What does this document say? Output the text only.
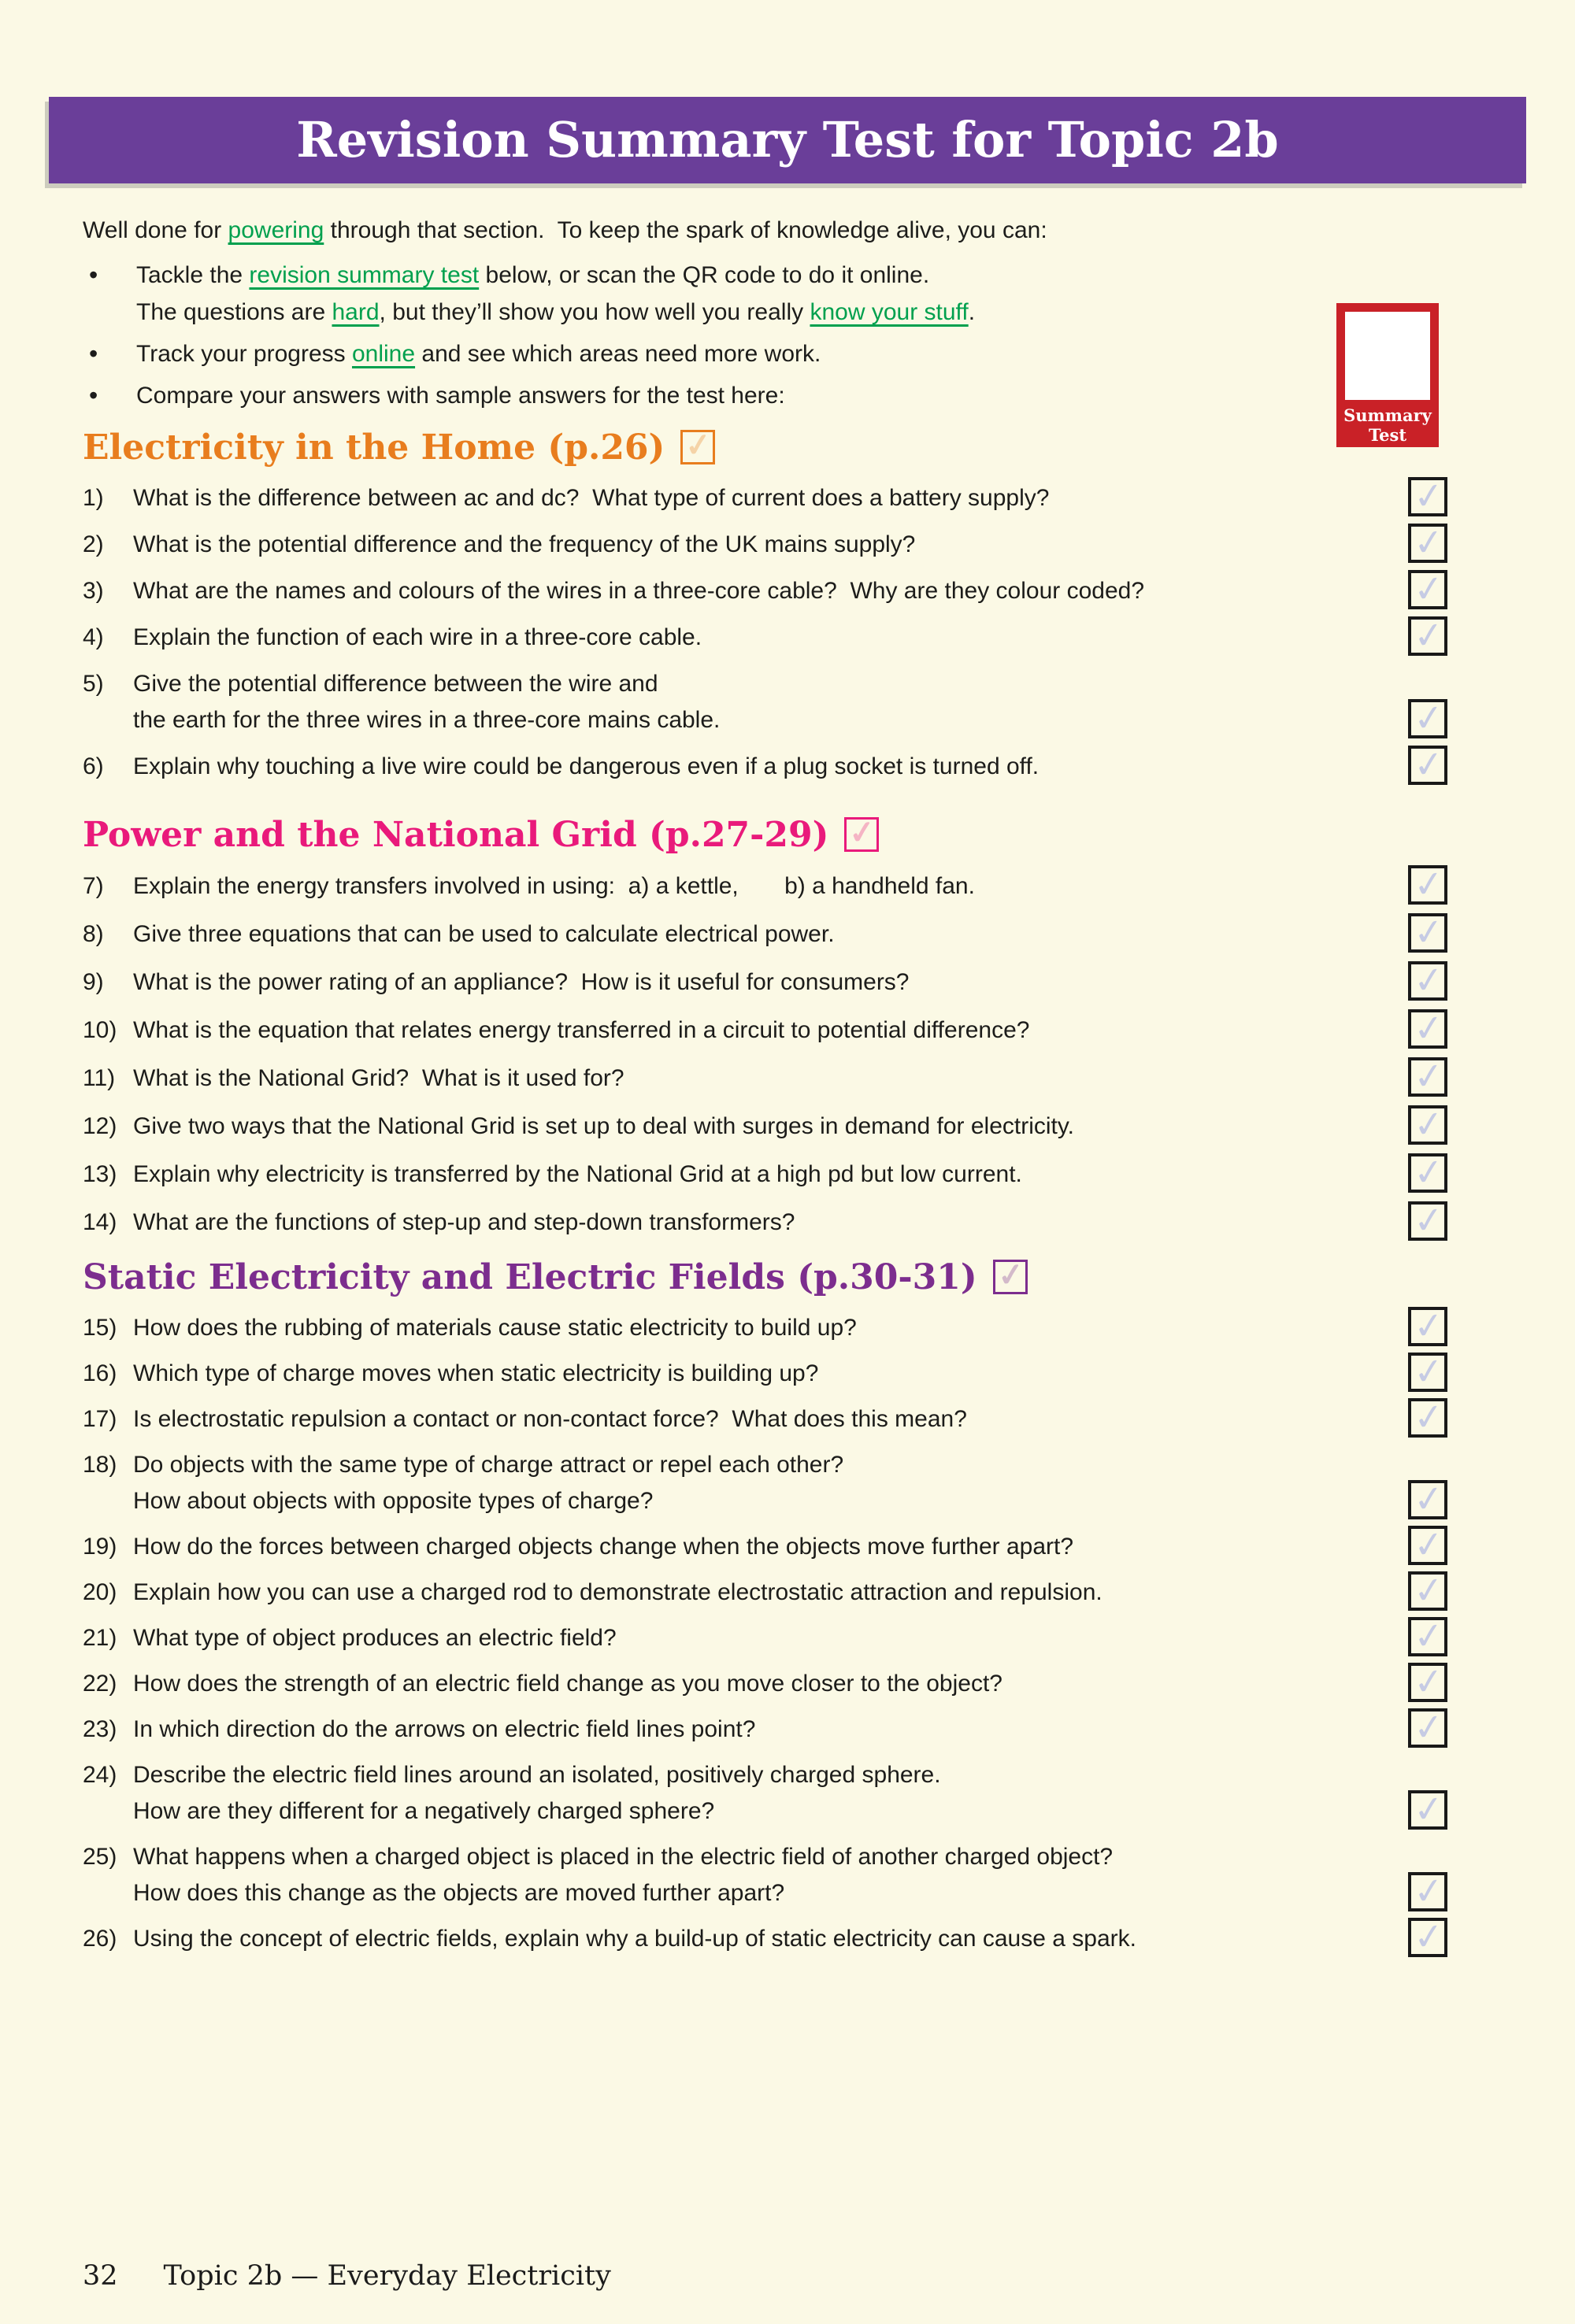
Revision Summary Test for Topic 2b
Well done for powering through that section.  To keep the spark of knowledge alive, you can:
•	Tackle the revision summary test below, or scan the QR code to do it online.
The questions are hard, but they’ll show you how well you really know your stuff.
•	Track your progress online and see which areas need more work.
•	Compare your answers with sample answers for the test here:
Summary
Test
Electricity in the Home (p.26) ✓
1)	What is the difference between ac and dc?  What type of current does a battery supply?	✓
2)	What is the potential difference and the frequency of the UK mains supply?	✓
3)	What are the names and colours of the wires in a three-core cable?  Why are they colour coded?	✓
4)	Explain the function of each wire in a three-core cable.	✓
5)	Give the potential difference between the wire and
the earth for the three wires in a three-core mains cable.	✓
6)	Explain why touching a live wire could be dangerous even if a plug socket is turned off.	✓
Power and the National Grid (p.27-29) ✓
7)	Explain the energy transfers involved in using:  a) a kettle,       b) a handheld fan.	✓
8)	Give three equations that can be used to calculate electrical power.	✓
9)	What is the power rating of an appliance?  How is it useful for consumers?	✓
10) What is the equation that relates energy transferred in a circuit to potential difference?	✓
11) What is the National Grid?  What is it used for?	✓
12) Give two ways that the National Grid is set up to deal with surges in demand for electricity.	✓
13) Explain why electricity is transferred by the National Grid at a high pd but low current.	✓
14) What are the functions of step-up and step-down transformers?	✓
Static Electricity and Electric Fields (p.30-31) ✓
15) How does the rubbing of materials cause static electricity to build up?	✓
16) Which type of charge moves when static electricity is building up?	✓
17) Is electrostatic repulsion a contact or non-contact force?  What does this mean?	✓
18) Do objects with the same type of charge attract or repel each other?
How about objects with opposite types of charge?	✓
19) How do the forces between charged objects change when the objects move further apart?	✓
20) Explain how you can use a charged rod to demonstrate electrostatic attraction and repulsion.	✓
21) What type of object produces an electric field?	✓
22) How does the strength of an electric field change as you move closer to the object?	✓
23) In which direction do the arrows on electric field lines point?	✓
24) Describe the electric field lines around an isolated, positively charged sphere.
How are they different for a negatively charged sphere?	✓
25) What happens when a charged object is placed in the electric field of another charged object?
How does this change as the objects are moved further apart?	✓
26) Using the concept of electric fields, explain why a build-up of static electricity can cause a spark.	✓
32 Topic 2b — Everyday Electricity
